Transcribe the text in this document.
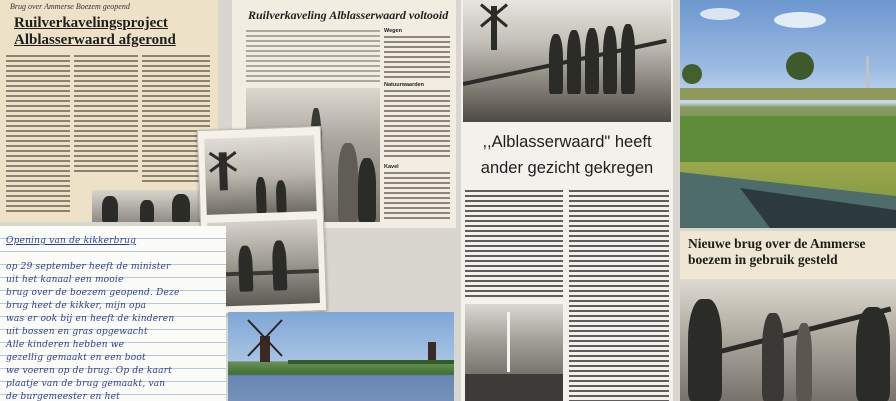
Brug over Ammerse Boezem geopend
Ruilverkavelingsproject
Alblasserwaard afgerond
Ruilverkaveling Alblasserwaard voltooid
Wegen
Natuurwaarden
Kavel
Opening van de kikkerbrug
op 29 september heeft de minister
uit het kanaal een mooie
brug over de boezem geopend. Deze
brug heet de kikker, mijn opa
was er ook bij en heeft de kinderen
uit bossen en gras opgewacht
Alle kinderen hebben we
gezellig gemaakt en een boot
we voeren op de brug. Op de kaart
plaatje van de brug gemaakt, van
de burgemeester en het
,,Alblasserwaard" heeft
ander gezicht gekregen
Nieuwe brug over de Ammerse
boezem in gebruik gesteld
